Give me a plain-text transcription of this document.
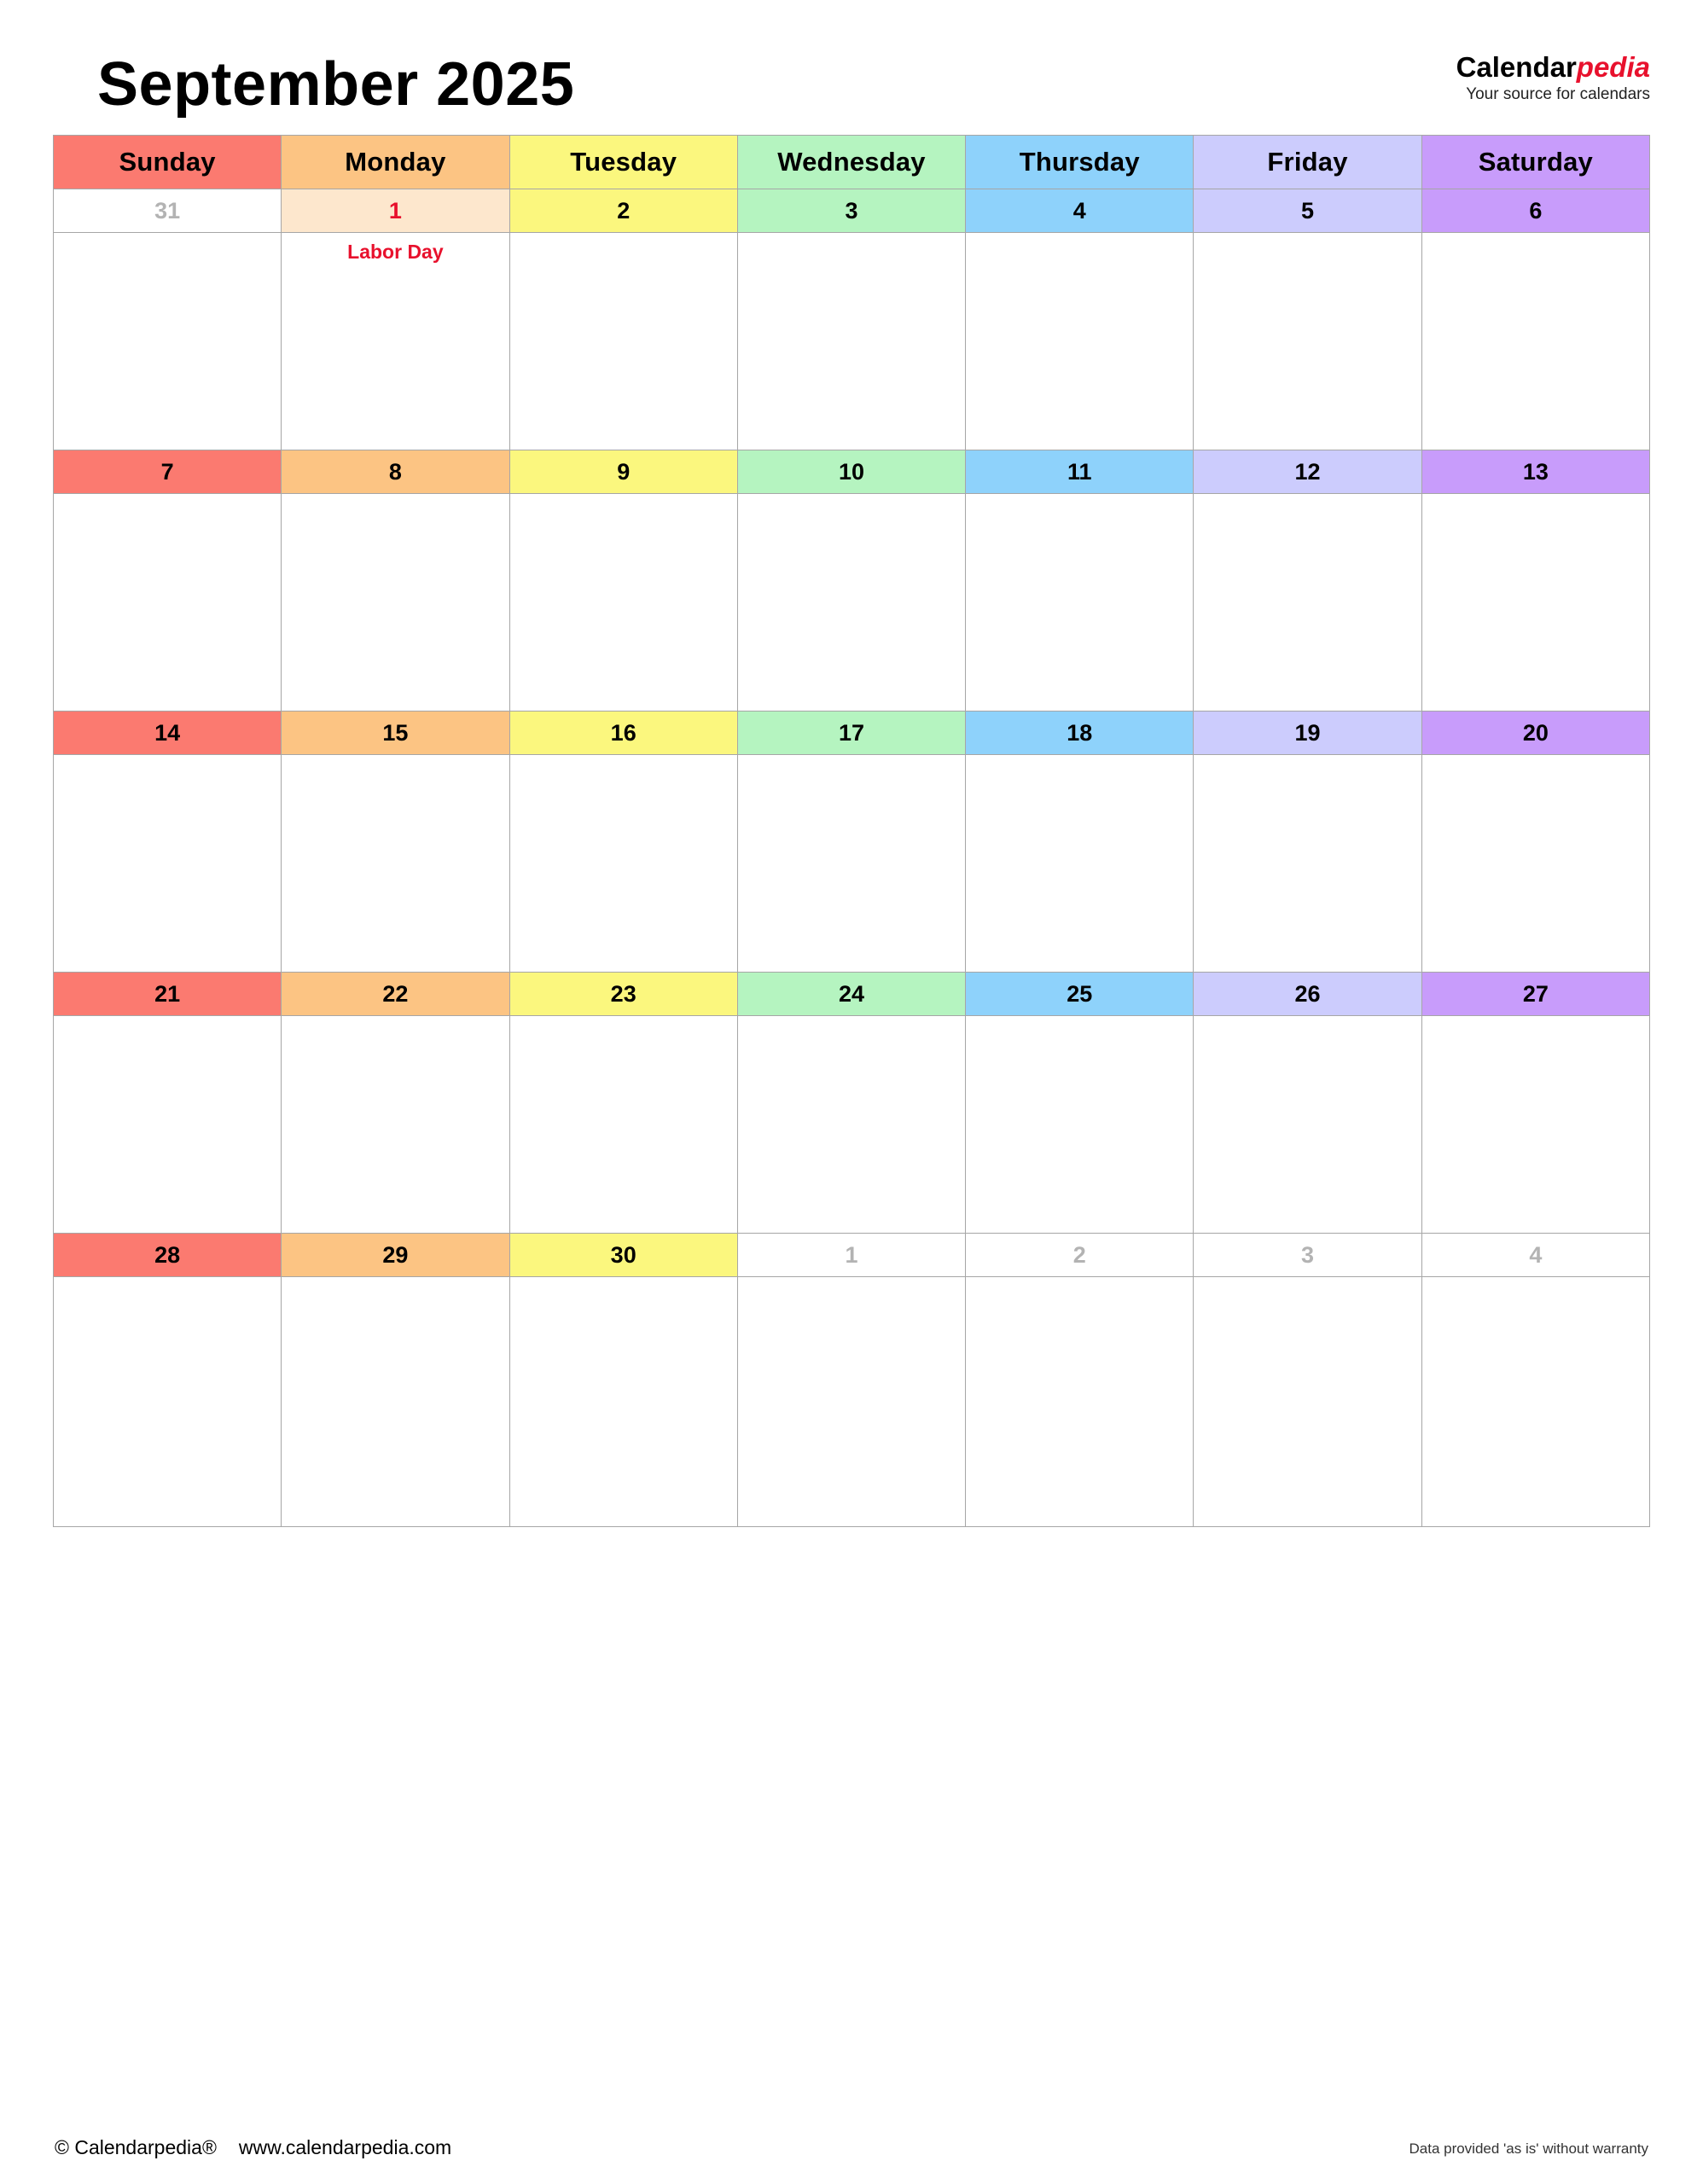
September 2025	Calendarpedia
Your source for calendars
Sunday	Monday	Tuesday	Wednesday	Thursday	Friday	Saturday
31	1	2	3	4	5	6

	Labor Day					

7	8	9	10	11	12	13

14	15	16	17	18	19	20

21	22	23	24	25	26	27

28	29	30	1	2	3	4

© Calendarpedia® www.calendarpedia.com	Data provided 'as is' without warranty
